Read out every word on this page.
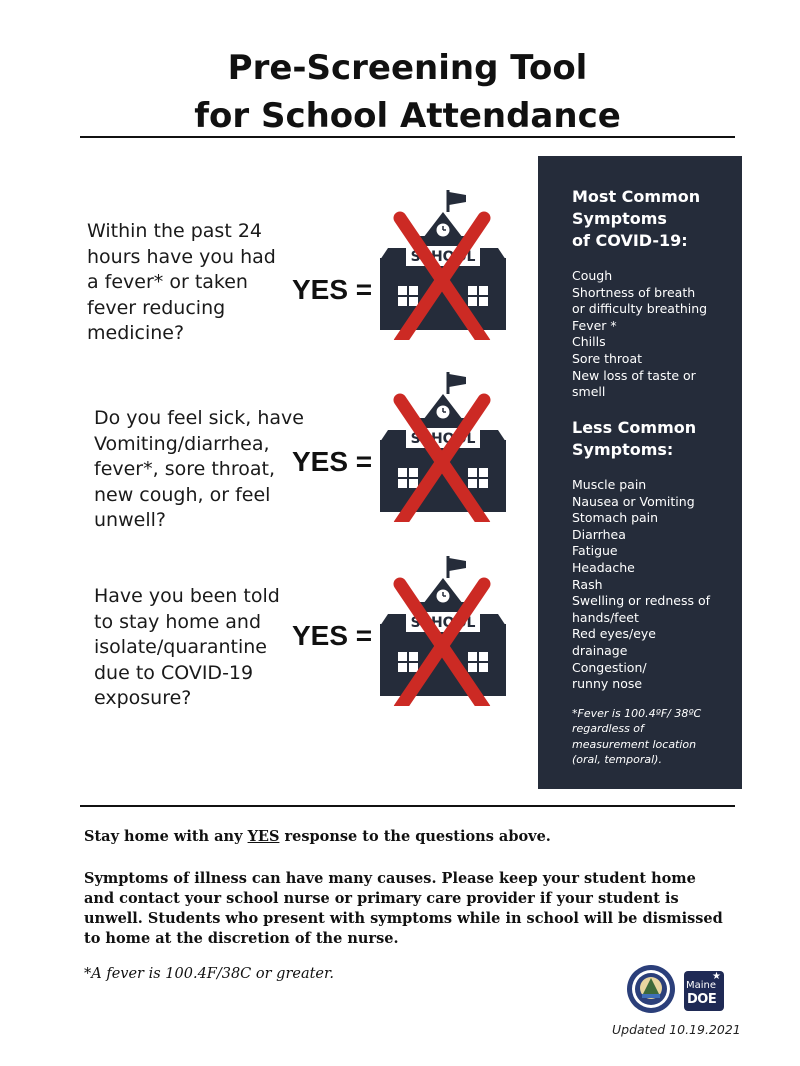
Pre-Screening Tool
for School Attendance

Within the past 24
hours have you had
a fever* or taken
fever reducing
medicine?

YES =

SCHOOL

Do you feel sick, have
Vomiting/diarrhea,
fever*, sore throat,
new cough, or feel
unwell?

YES =

SCHOOL

Have you been told
to stay home and
isolate/quarantine
due to COVID-19
exposure?

YES =	SCHOOL

Most Common
Symptoms
of COVID-19:

Cough
Shortness of breath
or difficulty breathing
Fever *
Chills
Sore throat
New loss of taste or
smell

Less Common
Symptoms:

Muscle pain
Nausea or Vomiting
Stomach pain
Diarrhea
Fatigue
Headache
Rash
Swelling or redness of
hands/feet
Red eyes/eye
drainage
Congestion/
runny nose

*Fever is 100.4ºF/ 38ºC
regardless of
measurement location
(oral, temporal).

Stay home with any YES response to the questions above.

Symptoms of illness can have many causes. Please keep your student home and contact your school nurse or primary care provider if your student is unwell. Students who present with symptoms while in school will be dismissed to home at the discretion of the nurse.

*A fever is 100.4F/38C or greater.	★
Maine
DOE

Updated 10.19.2021
